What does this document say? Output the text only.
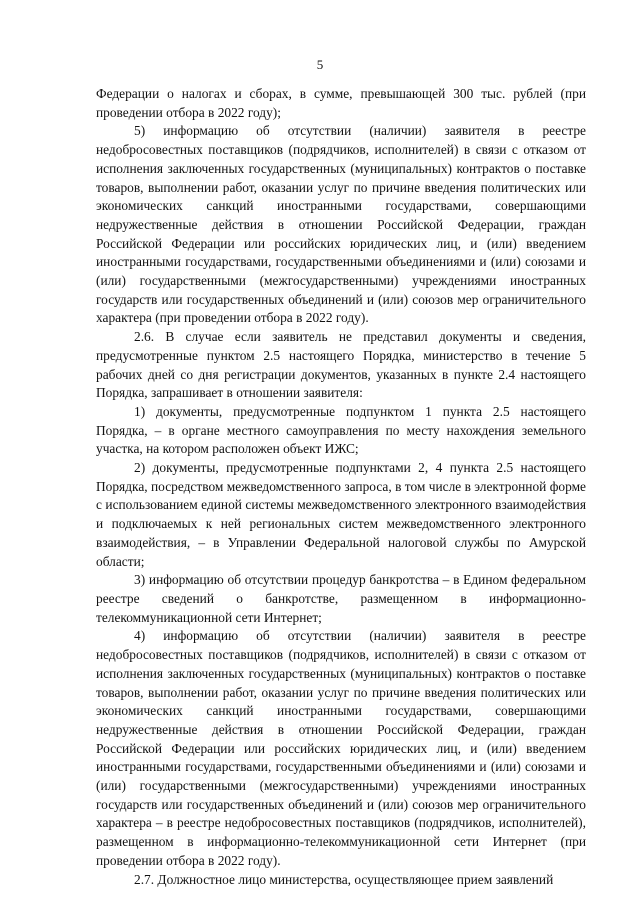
5

Федерации о налогах и сборах, в сумме, превышающей 300 тыс. рублей (при проведении отбора в 2022 году);

5) информацию об отсутствии (наличии) заявителя в реестре недобросовестных поставщиков (подрядчиков, исполнителей) в связи с отказом от исполнения заключенных государственных (муниципальных) контрактов о поставке товаров, выполнении работ, оказании услуг по причине введения политических или экономических санкций иностранными государствами, совершающими недружественные действия в отношении Российской Федерации, граждан Российской Федерации или российских юридических лиц, и (или) введением иностранными государствами, государственными объединениями и (или) союзами и (или) государственными (межгосударственными) учреждениями иностранных государств или государственных объединений и (или) союзов мер ограничительного характера (при проведении отбора в 2022 году).

2.6. В случае если заявитель не представил документы и сведения, предусмотренные пунктом 2.5 настоящего Порядка, министерство в течение 5 рабочих дней со дня регистрации документов, указанных в пункте 2.4 настоящего Порядка, запрашивает в отношении заявителя:

1) документы, предусмотренные подпунктом 1 пункта 2.5 настоящего Порядка, – в органе местного самоуправления по месту нахождения земельного участка, на котором расположен объект ИЖС;

2) документы, предусмотренные подпунктами 2, 4 пункта 2.5 настоящего Порядка, посредством межведомственного запроса, в том числе в электронной форме с использованием единой системы межведомственного электронного взаимодействия и подключаемых к ней региональных систем межведомственного электронного взаимодействия, – в Управлении Федеральной налоговой службы по Амурской области;

3) информацию об отсутствии процедур банкротства – в Едином федеральном реестре сведений о банкротстве, размещенном в информационно-телекоммуникационной сети Интернет;

4) информацию об отсутствии (наличии) заявителя в реестре недобросовестных поставщиков (подрядчиков, исполнителей) в связи с отказом от исполнения заключенных государственных (муниципальных) контрактов о поставке товаров, выполнении работ, оказании услуг по причине введения политических или экономических санкций иностранными государствами, совершающими недружественные действия в отношении Российской Федерации, граждан Российской Федерации или российских юридических лиц, и (или) введением иностранными государствами, государственными объединениями и (или) союзами и (или) государственными (межгосударственными) учреждениями иностранных государств или государственных объединений и (или) союзов мер ограничительного характера – в реестре недобросовестных поставщиков (подрядчиков, исполнителей), размещенном в информационно-телекоммуникационной сети Интернет (при проведении отбора в 2022 году).

2.7. Должностное лицо министерства, осуществляющее прием заявлений
